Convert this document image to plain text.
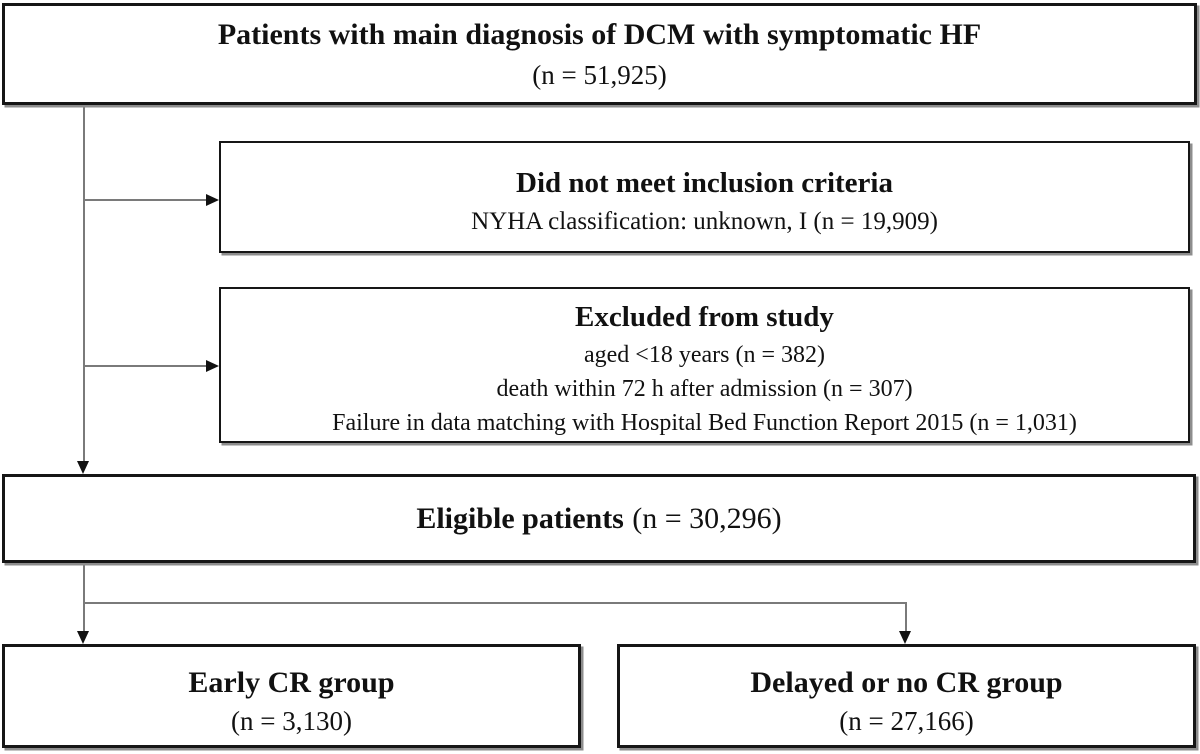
Patients with main diagnosis of DCM with symptomatic HF
(n = 51,925)
Did not meet inclusion criteria
NYHA classification: unknown, I (n = 19,909)
Excluded from study
aged <18 years (n = 382)
death within 72 h after admission (n = 307)
Failure in data matching with Hospital Bed Function Report 2015 (n = 1,031)
Eligible patients (n = 30,296)
Early CR group
(n = 3,130)
Delayed or no CR group
(n = 27,166)
